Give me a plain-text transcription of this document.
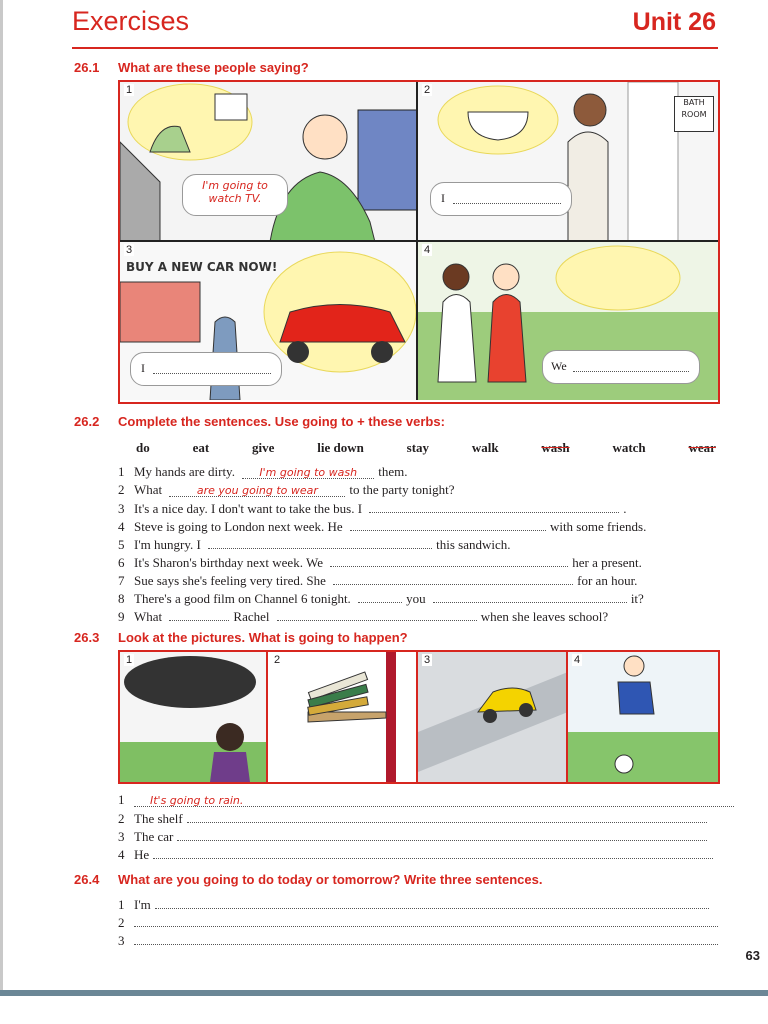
Exercises	Unit 26
26.1 What are these people saying?
1
I'm going to
watch TV.
2
BATH
ROOM
I
3
BUY A NEW CAR NOW!
I
4
We
26.2 Complete the sentences. Use going to + these verbs:
do	eat	give	lie down	stay	walk	wash	watch	wear
1 My hands are dirty. I'm going to wash them.
2 What	are you going to wear to the party tonight?
3 It's a nice day. I don't want to take the bus. I	.
4 Steve is going to London next week. He	with some friends.
5 I'm hungry. I	this sandwich.
6 It's Sharon's birthday next week. We	her a present.
7 Sue says she's feeling very tired. She	for an hour.
8 There's a good film on Channel 6 tonight.	you	it?
9 What	Rachel	when she leaves school?
26.3 Look at the pictures. What is going to happen?
1	2	3	4
1 It's going to rain.
2 The shelf
3 The car
4 He
26.4 What are you going to do today or tomorrow? Write three sentences.
1 I'm
2
3
63
